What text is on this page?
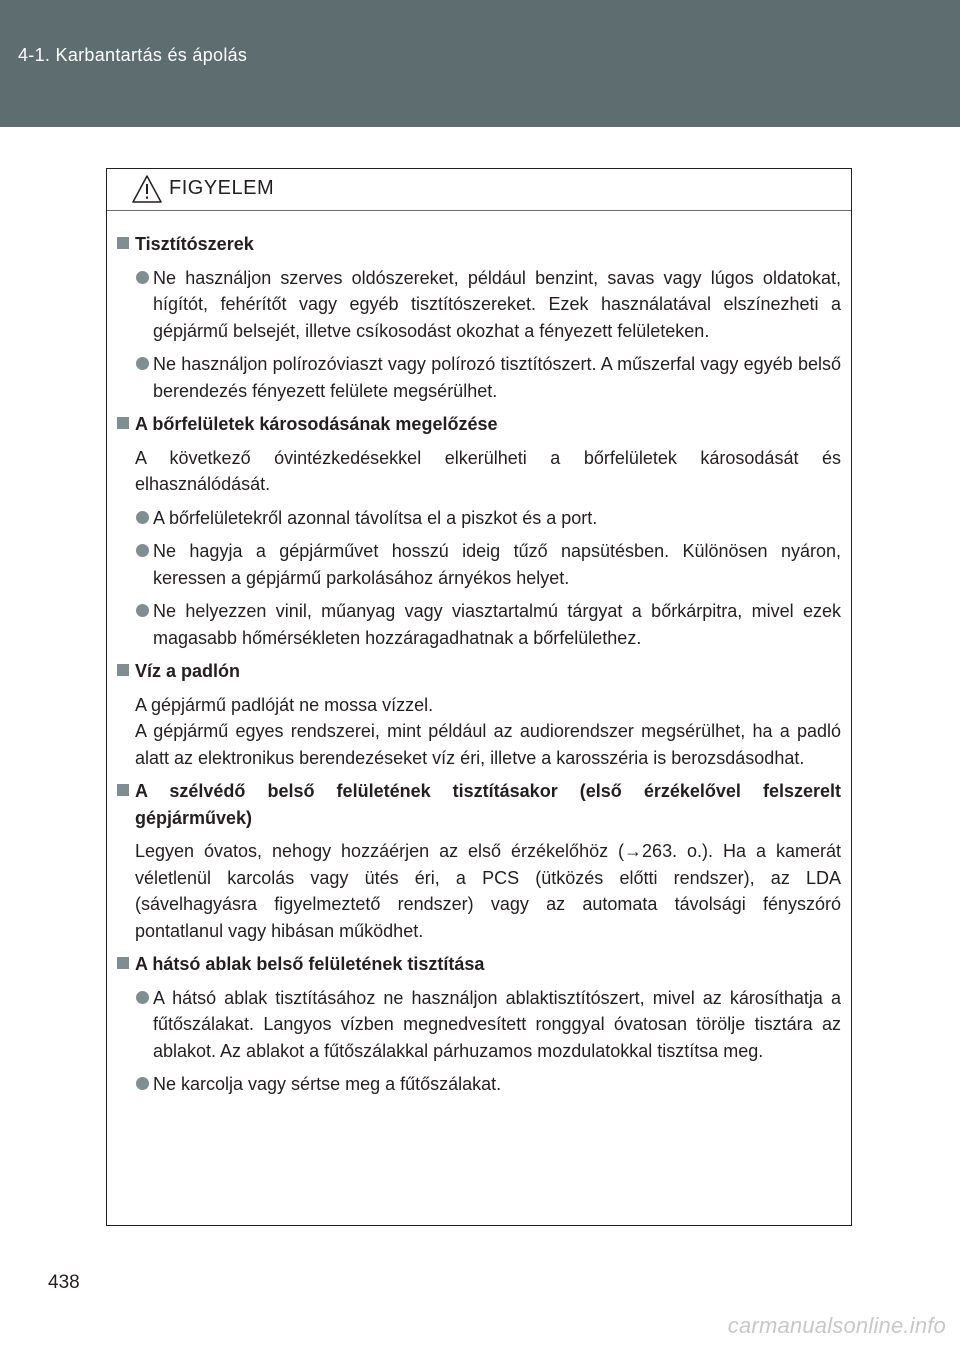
4-1. Karbantartás és ápolás
FIGYELEM
Tisztítószerek
Ne használjon szerves oldószereket, például benzint, savas vagy lúgos oldatokat, hígítót, fehérítőt vagy egyéb tisztítószereket. Ezek használatával elszínezheti a gépjármű belsejét, illetve csíkosodást okozhat a fényezett felületeken.
Ne használjon polírozóviaszt vagy polírozó tisztítószert. A műszerfal vagy egyéb belső berendezés fényezett felülete megsérülhet.
A bőrfelületek károsodásának megelőzése
A következő óvintézkedésekkel elkerülheti a bőrfelületek károsodását és elhasználódását.
A bőrfelületekről azonnal távolítsa el a piszkot és a port.
Ne hagyja a gépjárművet hosszú ideig tűző napsütésben. Különösen nyáron, keressen a gépjármű parkolásához árnyékos helyet.
Ne helyezzen vinil, műanyag vagy viasztartalmú tárgyat a bőrkárpitra, mivel ezek magasabb hőmérsékleten hozzáragadhatnak a bőrfelülethez.
Víz a padlón
A gépjármű padlóját ne mossa vízzel.
A gépjármű egyes rendszerei, mint például az audiorendszer megsérülhet, ha a padló alatt az elektronikus berendezéseket víz éri, illetve a karosszéria is berozsdásodhat.
A szélvédő belső felületének tisztításakor (első érzékelővel felszerelt gépjárművek)
Legyen óvatos, nehogy hozzáérjen az első érzékelőhöz (→263. o.). Ha a kamerát véletlenül karcolás vagy ütés éri, a PCS (ütközés előtti rendszer), az LDA (sávelhagyásra figyelmeztető rendszer) vagy az automata távolsági fényszóró pontatlanul vagy hibásan működhet.
A hátsó ablak belső felületének tisztítása
A hátsó ablak tisztításához ne használjon ablaktisztítószert, mivel az károsíthatja a fűtőszálakat. Langyos vízben megnedvesített ronggyal óvatosan törölje tisztára az ablakot. Az ablakot a fűtőszálakkal párhuzamos mozdulatokkal tisztítsa meg.
Ne karcolja vagy sértse meg a fűtőszálakat.
438
carmanualsonline.info
